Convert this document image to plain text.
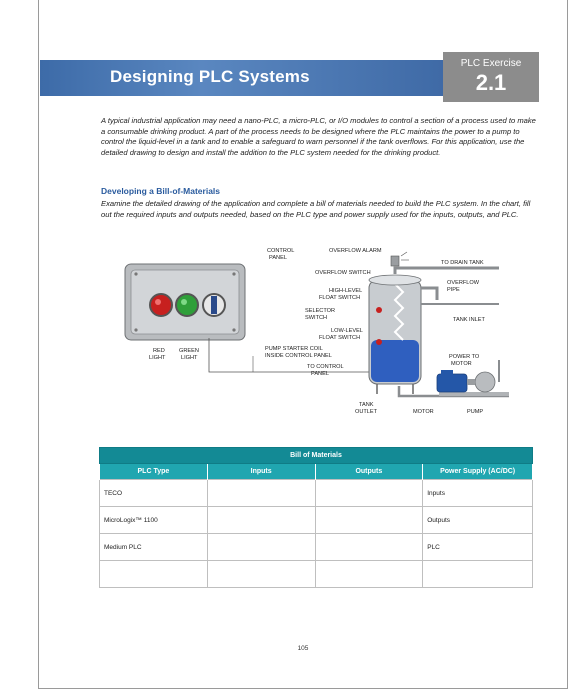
Designing PLC Systems
PLC Exercise
2.1

A typical industrial application may need a nano-PLC, a micro-PLC, or I/O modules to control a section of a process used to make a consumable drinking product. A part of the process needs to be designed where the PLC maintains the power to a pump to control the liquid-level in a tank and to enable a safeguard to warn personnel if the tank overflows. For this application, use the detailed drawing to design and install the addition to the PLC system needed for the drinking product.

Developing a Bill-of-Materials

Examine the detailed drawing of the application and complete a bill of materials needed to build the PLC system. In the chart, fill out the required inputs and outputs needed, based on the PLC type and power supply used for the inputs, outputs, and PLC.

CONTROL
PANEL
OVERFLOW ALARM
OVERFLOW SWITCH
TO DRAIN TANK
OVERFLOW
PIPE
HIGH-LEVEL
FLOAT SWITCH
SELECTOR
SWITCH	TANK INLET
LOW-LEVEL
FLOAT SWITCH
RED
LIGHT
GREEN
LIGHT
PUMP STARTER COIL
INSIDE CONTROL PANEL
TO CONTROL
PANEL
POWER TO
MOTOR
TANK
OUTLET	MOTOR	PUMP
Bill of Materials			
PLC Type	Inputs	Outputs	Power Supply (AC/DC)
TECO			Inputs
MicroLogix™ 1100			Outputs
Medium PLC			PLC

105
